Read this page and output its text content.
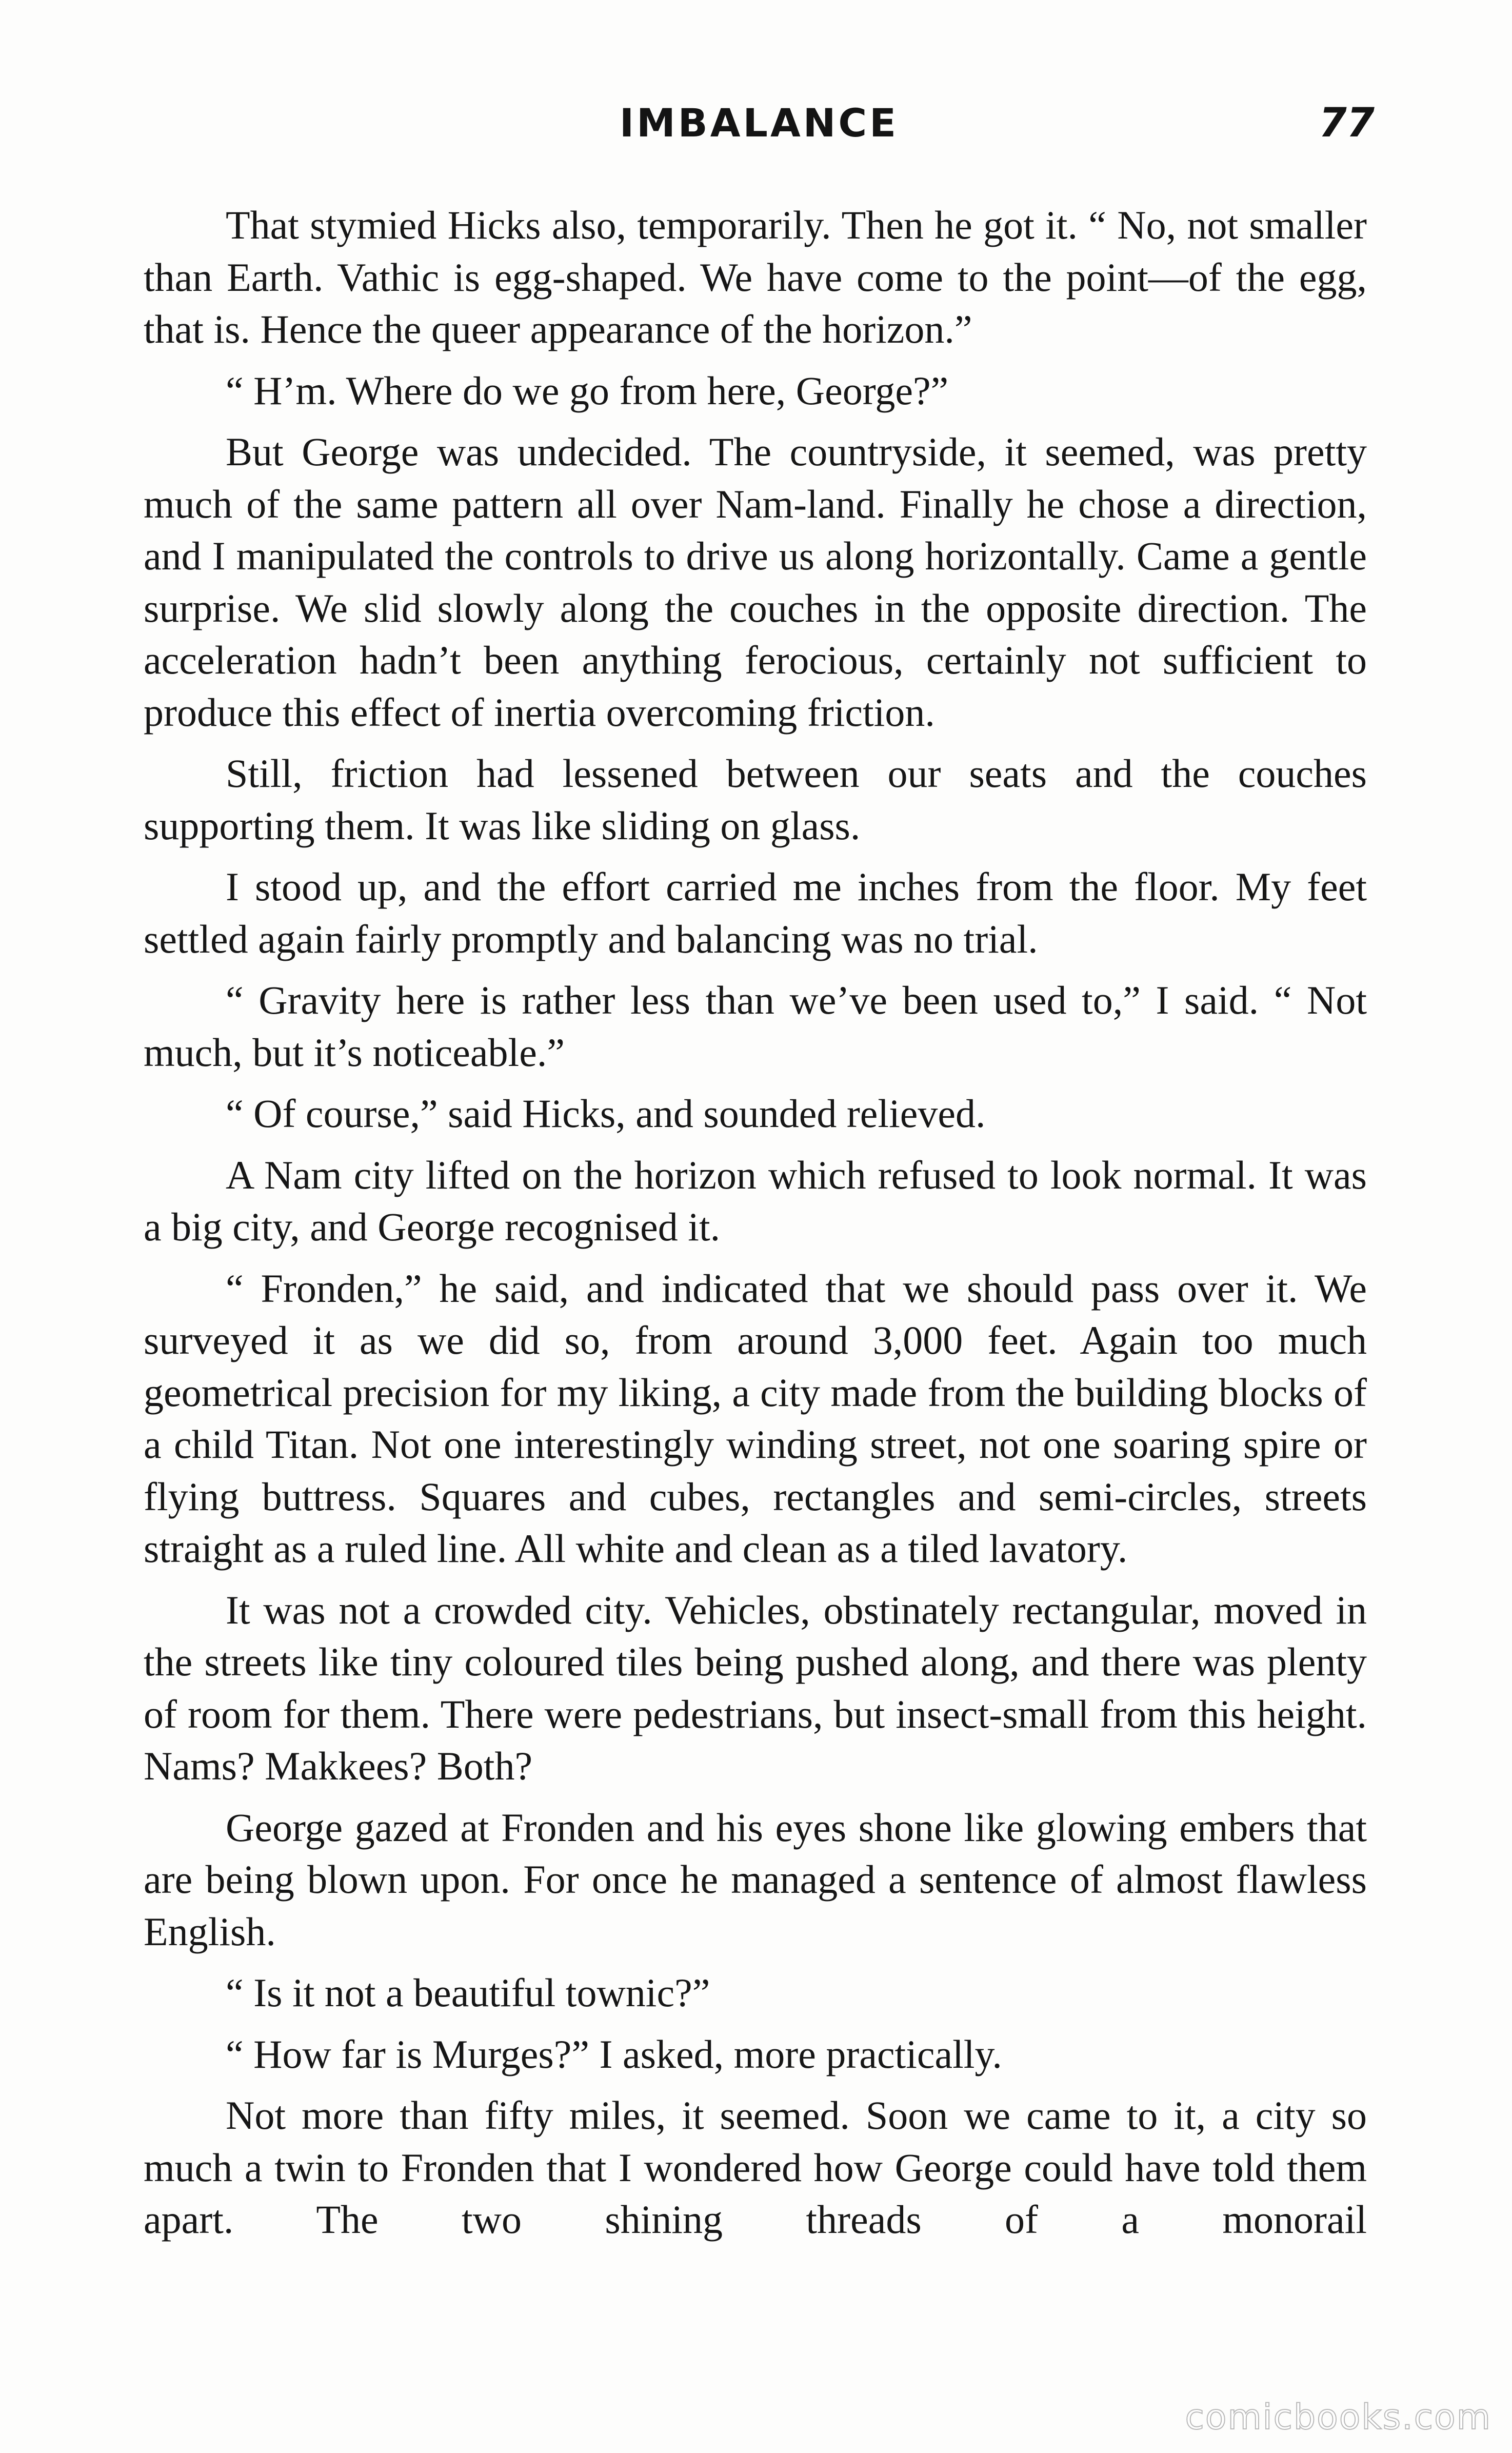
IMBALANCE	77

That stymied Hicks also, temporarily. Then he got it. “ No, not smaller than Earth. Vathic is egg-shaped. We have come to the point—of the egg, that is. Hence the queer appearance of the horizon.”

“ H’m. Where do we go from here, George?”

But George was undecided. The countryside, it seemed, was pretty much of the same pattern all over Nam-land. Finally he chose a direction, and I manipulated the controls to drive us along horizontally. Came a gentle surprise. We slid slowly along the couches in the opposite direction. The acceleration hadn’t been anything ferocious, certainly not sufficient to produce this effect of inertia overcoming friction.

Still, friction had lessened between our seats and the couches supporting them. It was like sliding on glass.

I stood up, and the effort carried me inches from the floor. My feet settled again fairly promptly and balancing was no trial.

“ Gravity here is rather less than we’ve been used to,” I said. “ Not much, but it’s noticeable.”

“ Of course,” said Hicks, and sounded relieved.

A Nam city lifted on the horizon which refused to look normal. It was a big city, and George recognised it.

“ Fronden,” he said, and indicated that we should pass over it. We surveyed it as we did so, from around 3,000 feet. Again too much geometrical precision for my liking, a city made from the building blocks of a child Titan. Not one interestingly winding street, not one soaring spire or flying buttress. Squares and cubes, rectangles and semi-circles, streets straight as a ruled line. All white and clean as a tiled lavatory.

It was not a crowded city. Vehicles, obstinately rectangular, moved in the streets like tiny coloured tiles being pushed along, and there was plenty of room for them. There were pedestrians, but insect-small from this height. Nams? Makkees? Both?

George gazed at Fronden and his eyes shone like glowing embers that are being blown upon. For once he managed a sentence of almost flawless English.

“ Is it not a beautiful townic?”

“ How far is Murges?” I asked, more practically.

Not more than fifty miles, it seemed. Soon we came to it, a city so much a twin to Fronden that I wondered how George could have told them apart. The two shining threads of a monorail

comicbooks.com
